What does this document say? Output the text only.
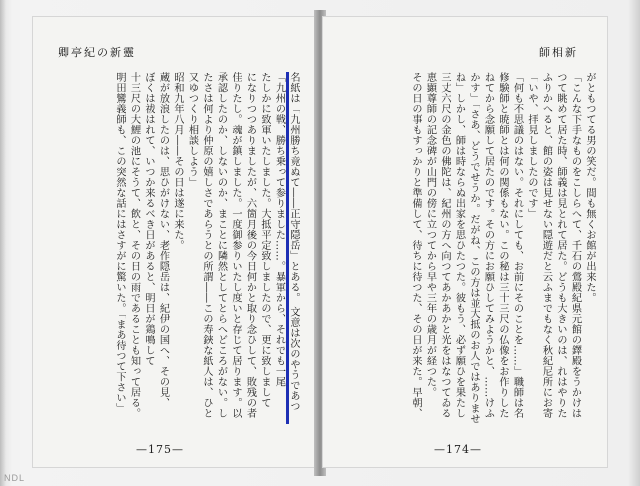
卿亭紀の新靈
名紙は「九州勝ち竟ぬて――正守隠岳」とある。 文意は次のやうであつ
「九州の戦、勝ち乗って参りました……。暴軍から、それでも一尾
たしかに致軍いたしました。大抵平定致しましたので、更に致しまして
になりつつありましたが、六箇月後の今日何かと取り念ひして、敗残の者
佳りたし。魂が鎮しました。一度御参りいたし度いと存じて居ります。以
承認したのか、しないのか、まことに隣然としてとらへどころがない。し
たさは何より仲原の嬉しさであらうとの所謂――この寿鋏な紙人は、ひと
又ゆつくり相談しよう」
昭和九年八月――その日は遂に来た。
蔵が放浪したのは、思ひがけない、老作隠岳は、紀伊の国へ、その見、
ぼくは祓はれて、いつか来るべき日があると、明日が鶏鳴して
十三尺の大鯉の池にそうて、飲と、その日の雨であることも知って居る。
明田鸞義師も、この突然な話にはさすがに驚いた。「まあ待つて下さい」
—175—
師相新
がともつてる男の笑だ。間も無くお館が出来た。
「こんな下手なものをこしらへて、千石の鶯殿紀県元館の鐸殿をうかけは
つて眺めて居た時、師義は見とれて居た。どうも大きいのは、れはやりた
ふりかへると、館の姿は見せない隠遊だと云ふまでもなく秋紀尼所にお寄
「いや、拝見しましたのです」
「何も不思議のはない。それにしても、お前にそのことを……」職師は名
修験師と暁師とは何の関係もない。この秘は三十三尺の仏像をお作りした
ねてから念願して居たのです。その方にお願ひしてみようかと、……けふ
かす」「さあ、どうでせうか。だがね、この方は並大抵のお人ではありませ
ね」しかし、師は時ならぬ出家を思ひたつた。彼もう、必ず願ひを果たし
三丈六尺の金色の佛陀は、紀州の方へ向つてあかあかと光をはなつてゐる
恵顕尊師の記念碑が山門の傍に立つてから早や三年の歳月が経つた。
その日の事もすっかりと準備して、待ちに待つた、その日が来た。早朝、
—174—
NDL
